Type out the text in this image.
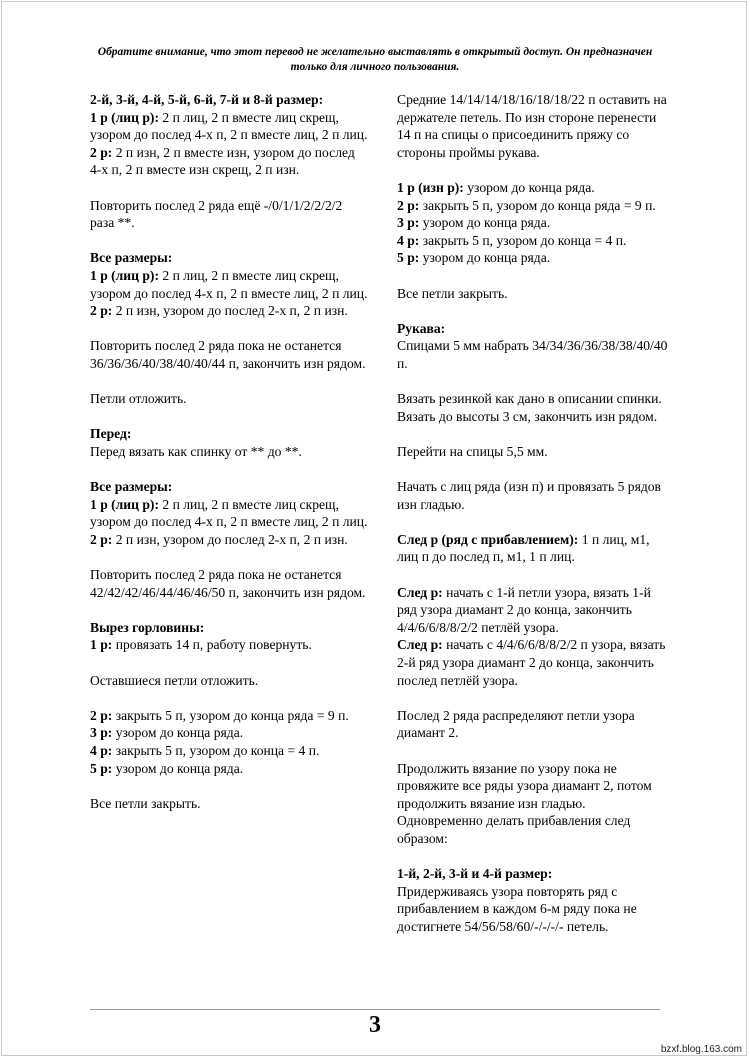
Обратите внимание, что этот перевод не желательно выставлять в открытый доступ. Он предназначен только для личного пользования.

2-й, 3-й, 4-й, 5-й, 6-й, 7-й и 8-й размер:

1 р (лиц р): 2 п лиц, 2 п вместе лиц скрещ, узором до послед 4-х п, 2 п вместе лиц, 2 п лиц.

2 р: 2 п изн, 2 п вместе изн, узором до послед 4-х п, 2 п вместе изн скрещ, 2 п изн.

Повторить послед 2 ряда ещё -/0/1/1/2/2/2/2 раза **.

Все размеры:

1 р (лиц р): 2 п лиц, 2 п вместе лиц скрещ, узором до послед 4-х п, 2 п вместе лиц, 2 п лиц.

2 р: 2 п изн, узором до послед 2-х п, 2 п изн.

Повторить послед 2 ряда пока не останется 36/36/36/40/38/40/40/44 п, закончить изн рядом.

Петли отложить.

Перед:

Перед вязать как спинку от ** до **.

Все размеры:

1 р (лиц р): 2 п лиц, 2 п вместе лиц скрещ, узором до послед 4-х п, 2 п вместе лиц, 2 п лиц.

2 р: 2 п изн, узором до послед 2-х п, 2 п изн.

Повторить послед 2 ряда пока не останется 42/42/42/46/44/46/46/50 п, закончить изн рядом.

Вырез горловины:

1 р: провязать 14 п, работу повернуть.

Оставшиеся петли отложить.

2 р: закрыть 5 п, узором до конца ряда = 9 п.

3 р: узором до конца ряда.

4 р: закрыть 5 п, узором до конца = 4 п.

5 р: узором до конца ряда.

Все петли закрыть.

Средние 14/14/14/18/16/18/18/22 п оставить на держателе петель. По изн стороне перенести 14 п на спицы о присоединить пряжу со стороны проймы рукава.

1 р (изн р): узором до конца ряда.

2 р: закрыть 5 п, узором до конца ряда = 9 п.

3 р: узором до конца ряда.

4 р: закрыть 5 п, узором до конца = 4 п.

5 р: узором до конца ряда.

Все петли закрыть.

Рукава:

Спицами 5 мм набрать 34/34/36/36/38/38/40/40 п.

Вязать резинкой как дано в описании спинки. Вязать до высоты 3 см, закончить изн рядом.

Перейти на спицы 5,5 мм.

Начать с лиц ряда (изн п) и провязать 5 рядов изн гладью.

След р (ряд с прибавлением): 1 п лиц, м1, лиц п до послед п, м1, 1 п лиц.

След р: начать с 1-й петли узора, вязать 1-й ряд узора диамант 2 до конца, закончить 4/4/6/6/8/8/2/2 петлёй узора.

След р: начать с 4/4/6/6/8/8/2/2 п узора, вязать 2-й ряд узора диамант 2 до конца, закончить послед петлёй узора.

Послед 2 ряда распределяют петли узора диамант 2.

Продолжить вязание по узору пока не провяжите все ряды узора диамант 2, потом продолжить вязание изн гладью. Одновременно делать прибавления след образом:

1-й, 2-й, 3-й и 4-й размер:

Придерживаясь узора повторять ряд с прибавлением в каждом 6-м ряду пока не достигнете 54/56/58/60/-/-/-/- петель.

3
bzxf.blog.163.com
